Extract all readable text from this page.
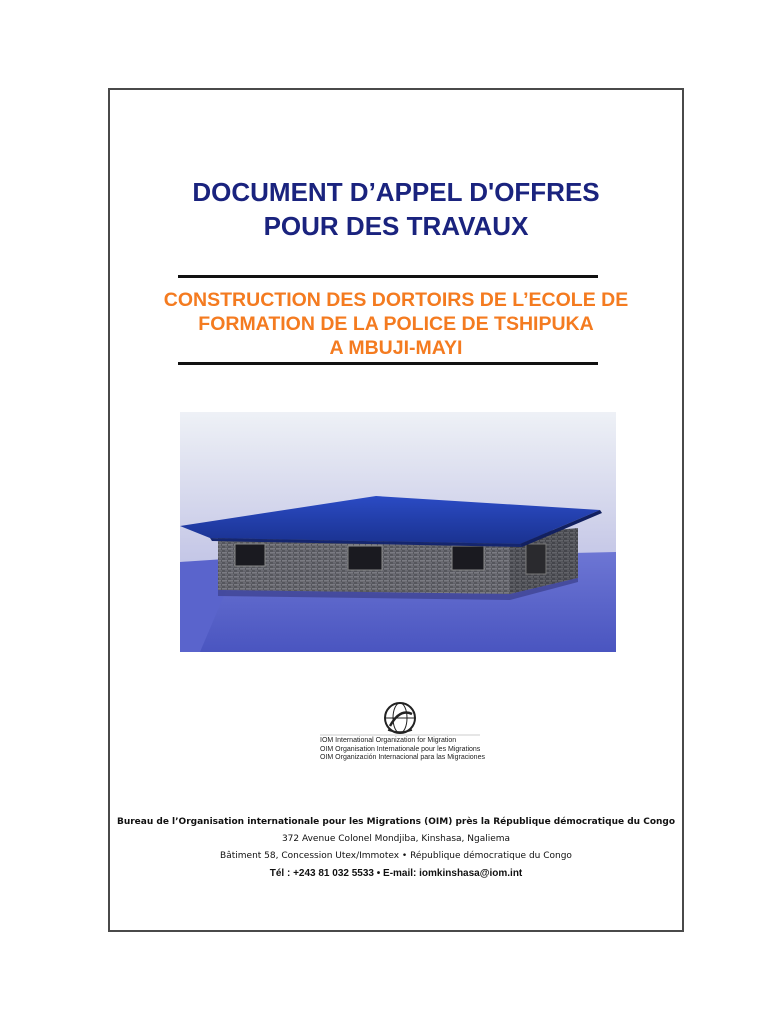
DOCUMENT D’APPEL D'OFFRES
POUR DES TRAVAUX
CONSTRUCTION DES DORTOIRS DE L’ECOLE DE
FORMATION DE LA POLICE DE TSHIPUKA
A MBUJI-MAYI
IOM International Organization for Migration
OIM Organisation Internationale pour les Migrations
OIM Organización Internacional para las Migraciones
Bureau de l’Organisation internationale pour les Migrations (OIM) près la République démocratique du Congo
372 Avenue Colonel Mondjiba, Kinshasa, Ngaliema
Bâtiment 58, Concession Utex/Immotex • République démocratique du Congo
Tél : +243 81 032 5533 • E-mail: iomkinshasa@iom.int
